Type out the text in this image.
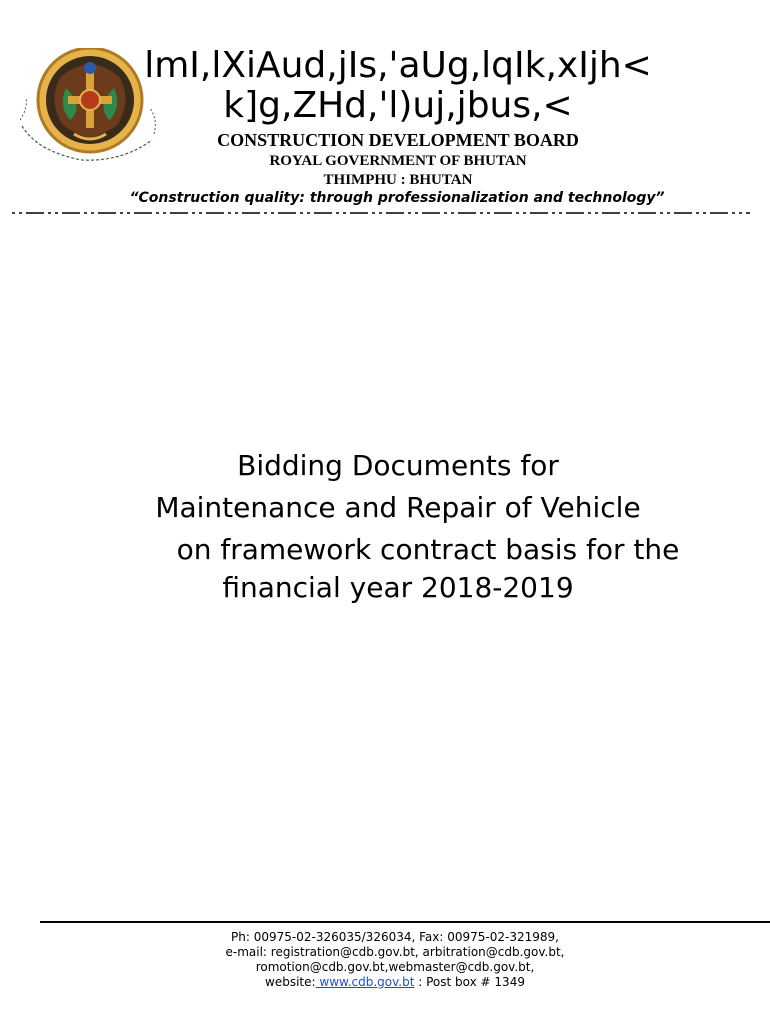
lmI,lXiAud,jIs,'aUg,lqIk,xIjh<
k]g,ZHd,'l)uj,jbus,<
CONSTRUCTION DEVELOPMENT BOARD
ROYAL GOVERNMENT OF BHUTAN
THIMPHU : BHUTAN
“Construction quality: through professionalization and technology”
Bidding Documents for
Maintenance and Repair of Vehicle
on framework contract basis for the
financial year 2018-2019
Ph: 00975-02-326035/326034, Fax: 00975-02-321989,
e-mail: registration@cdb.gov.bt, arbitration@cdb.gov.bt,
romotion@cdb.gov.bt,webmaster@cdb.gov.bt,
website: www.cdb.gov.bt : Post box # 1349
